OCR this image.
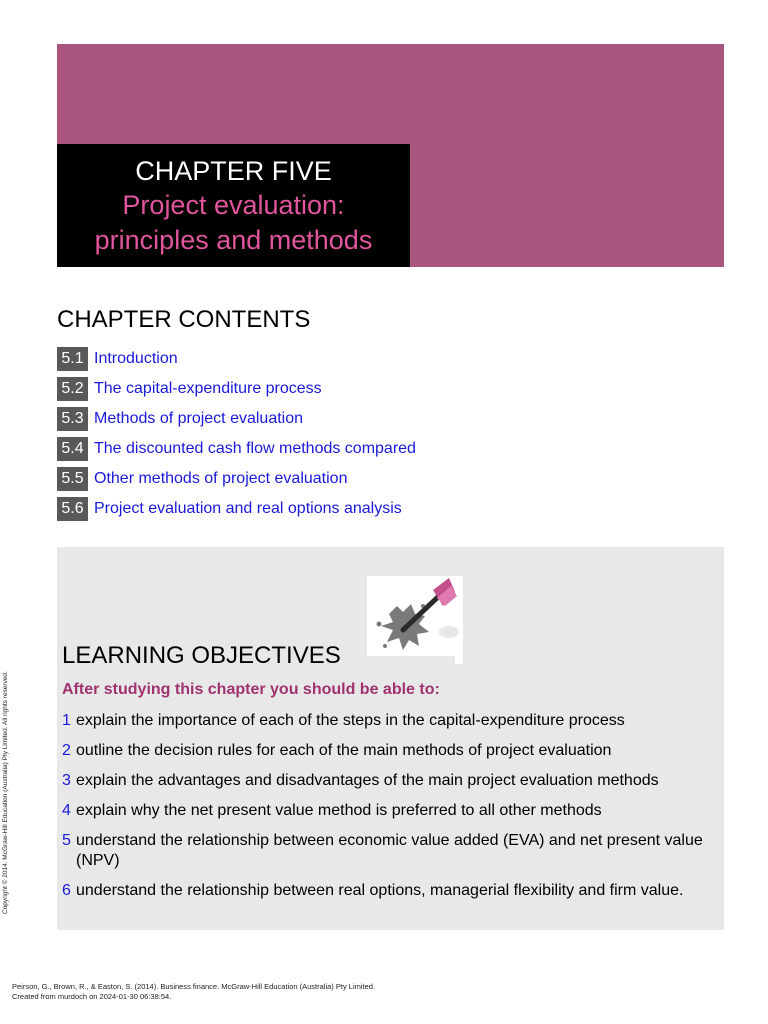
CHAPTER FIVE
Project evaluation:
principles and methods
CHAPTER CONTENTS
5.1 Introduction
5.2 The capital-expenditure process
5.3 Methods of project evaluation
5.4 The discounted cash flow methods compared
5.5 Other methods of project evaluation
5.6 Project evaluation and real options analysis
LEARNING OBJECTIVES
After studying this chapter you should be able to:
1 explain the importance of each of the steps in the capital-expenditure process
2 outline the decision rules for each of the main methods of project evaluation
3 explain the advantages and disadvantages of the main project evaluation methods
4 explain why the net present value method is preferred to all other methods
5 understand the relationship between economic value added (EVA) and net present value (NPV)
6 understand the relationship between real options, managerial flexibility and firm value.
Copyright © 2014. McGraw-Hill Education (Australia) Pty Limited. All rights reserved.
Peirson, G., Brown, R., & Easton, S. (2014). Business finance. McGraw-Hill Education (Australia) Pty Limited.
Created from murdoch on 2024-01-30 06:38:54.
